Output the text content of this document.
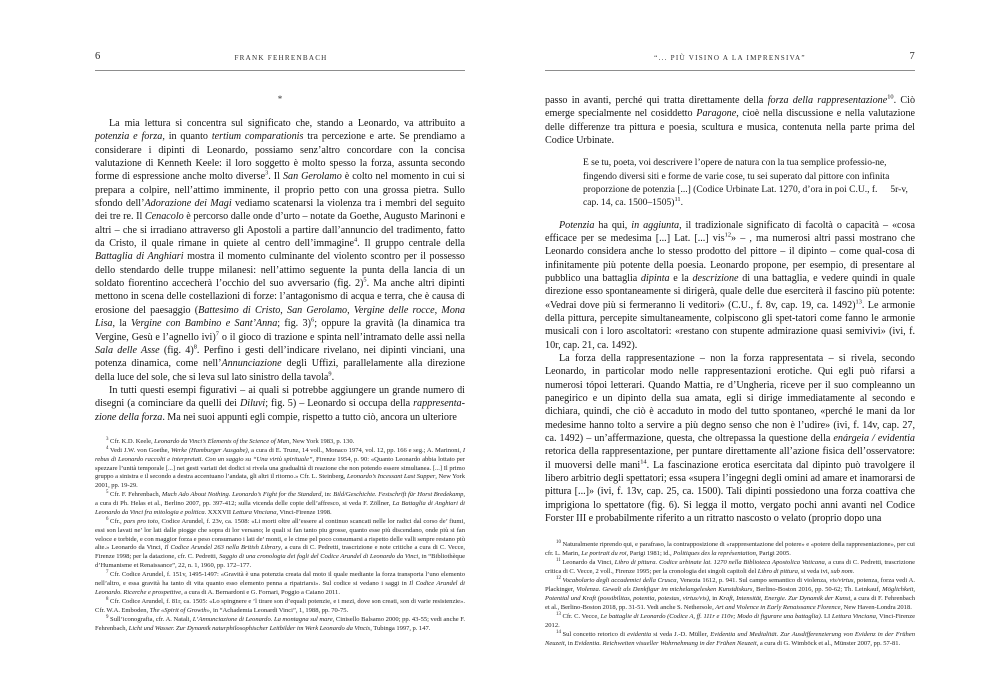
6	FRANK FEHRENBACH
*

La mia lettura si concentra sul significato che, stando a Leonardo, va attribuito a potenzia e forza, in quanto tertium comparationis tra percezione e arte. Se prendiamo a considerare i dipinti di Leonardo, possiamo senz’altro concordare con la concisa valutazione di Kenneth Keele: il loro soggetto è molto spesso la forza, assunta secondo forme di espressione anche molto diverse$^3$. Il San Gerolamo è colto nel momento in cui si prepara a colpire, nell’attimo imminente, il proprio petto con una grossa pietra. Sullo sfondo dell’Adorazione dei Magi vediamo scatenarsi la violenza tra i membri del seguito dei tre re. Il Cenacolo è percorso dalle onde d’urto – notate da Goethe, Augusto Marinoni e altri – che si irradiano attraverso gli Apostoli a partire dall’annuncio del tradimento, fatto da Cristo, il quale rimane in quiete al centro dell’immagine$^4$. Il gruppo centrale della Battaglia di Anghiari mostra il momento culminante del violento scontro per il possesso dello stendardo delle truppe milanesi: nell’attimo seguente la punta della lancia di un soldato fiorentino accecherà l’occhio del suo avversario (fig. 2)$^5$. Ma anche altri dipinti mettono in scena delle costellazioni di forze: l’antagonismo di acqua e terra, che è causa di erosione del paesaggio (Battesimo di Cristo, San Gerolamo, Vergine delle rocce, Mona Lisa, la Vergine con Bambino e Sant’Anna; fig. 3)$^6$; oppure la gravità (la dinamica tra Vergine, Gesù e l’agnello ivi)$^7$ o il gioco di trazione e spinta nell’intramato delle assi nella Sala delle Asse (fig. 4)$^8$. Perfino i gesti dell’indicare rivelano, nei dipinti vinciani, una potenza dinamica, come nell’Annunciazione degli Uffizi, parallelamente alla direzione della luce del sole, che si leva sul lato sinistro della tavola$^9$.

In tutti questi esempi figurativi – ai quali si potrebbe aggiungere un grande numero di disegni (a cominciare da quelli dei Diluvi; fig. 5) – Leonardo si occupa della rappresenta-zione della forza. Ma nei suoi appunti egli compie, rispetto a tutto ciò, ancora un ulteriore

$^3$ Cfr. K.D. Keele, Leonardo da Vinci’s Elements of the Science of Man, New York 1983, p. 130.

$^4$ Vedi J.W. von Goethe, Werke (Hamburger Ausgabe), a cura di E. Trunz, 14 voll., Monaco 1974, vol. 12, pp. 166 e seg.; A. Marinoni, I rebus di Leonardo raccolti e interpretati. Con un saggio su “Una virtù spirituale”, Firenze 1954, p. 90: «Quanto Leonardo abbia lottato per spezzare l’unità temporale [...] nei gesti variati dei dodici si rivela una gradualità di reazione che non potendo essere simultanea. [...] Il primo gruppo a sinistra e il secondo a destra accentuano l’andata, gli altri il ritorno.» Cfr. L. Steinberg, Leonardo’s Incessant Last Supper, New York 2001, pp. 19-29.

$^5$ Cfr. F. Fehrenbach, Much Ado About Nothing. Leonardo’s Fight for the Standard, in: Bild/Geschichte. Festschrift für Horst Bredekamp, a cura di Ph. Helas et al., Berlino 2007, pp. 397-412; sulla vicenda delle copie dell’affresco, si veda F. Zöllner, La Battaglia di Anghiari di Leonardo da Vinci fra mitologia e politica. XXXVII Lettura Vinciana, Vinci-Firenze 1998.

$^6$ Cfr., pars pro toto, Codice Arundel, f. 23v, ca. 1508: «Li morti oltre all’essere al continuo scancati nelle lor radici dal corso de’ fiumi, essi son lavati ne’ lor lati dalle piogge che sopra di lor versano; le quali si fan tanto piu grosse, quanto esse più discendano, onde più si fan veloce e torbide, e con maggior forza e peso consumano i lati de’ monti, e le cime pel poco consumarsi a rispetto delle valli senpre restano più alte.» Leonardo da Vinci, Il Codice Arundel 263 nella British Library, a cura di C. Pedretti, trascrizione e note critiche a cura di C. Vecce, Firenze 1998; per la datazione, cfr. C. Pedretti, Saggio di una cronologia dei fogli del Codice Arundel di Leonardo da Vinci, in “Bibliothèque d’Humanisme et Renaissance”, 22, n. 1, 1960, pp. 172–177.

$^7$ Cfr. Codice Arundel, f. 151v, 1495-1497: «Gravità è una potenzia creata dal moto il quale mediante la forza transporta l’uno elemento nell’altro, e essa gravità ha tanto di vita quanto esso elemento penna a ripatriarsi». Sul codice si vedano i saggi in Il Codice Arundel di Leonardo. Ricerche e prospettive, a cura di A. Bernardoni e G. Fornari, Poggio a Caiano 2011.

$^8$ Cfr. Codice Arundel, f. 81r, ca. 1505: «Lo spingnere e ’l tirare son d’equali potenzie, e i mezi, dove son creati, son di varie resistenzie». Cfr. W.A. Emboden, The «Spirit of Growth», in “Achademia Leonardi Vinci”, 1, 1988, pp. 70-75.

$^9$ Sull’iconografia, cfr. A. Natali, L’Annunciazione di Leonardo. La montagna sul mare, Cinisello Balsamo 2000; pp. 43-55; vedi anche F. Fehrenbach, Licht und Wasser. Zur Dynamik naturphilosophischer Leitbilder im Werk Leonardo da Vincis, Tubinga 1997, p. 147.

“... PIÙ VISINO A LA IMPRENSIVA”	7

passo in avanti, perché qui tratta direttamente della forza della rappresentazione$^{10}$. Ciò emerge specialmente nel cosiddetto Paragone, cioè nella discussione e nella valutazione delle differenze tra pittura e poesia, scultura e musica, contenuta nella parte prima del Codice Urbinate.

E se tu, poeta, voi descrivere l’opere de natura con la tua semplice professio-ne, fingendo diversi siti e forme de varie cose, tu sei superato dal pittore con infinita proporzione de potenzia [...] (Codice Urbinate Lat. 1270, d’ora in poi C.U., f. 5r-v, cap. 14, ca. 1500–1505)$^{11}$.

Potenzia ha qui, in aggiunta, il tradizionale significato di facoltà o capacità – «cosa efficace per se medesima [...] Lat. [...] vis$^{12}$» – , ma numerosi altri passi mostrano che Leonardo considera anche lo stesso prodotto del pittore – il dipinto – come qual-cosa di infinitamente più potente della poesia. Leonardo propone, per esempio, di presentare al pubblico una battaglia dipinta e la descrizione di una battaglia, e vedere quindi in quale direzione esso spontaneamente si dirigerà, quale delle due eserciterà il fascino più potente: «Vedrai dove più si fermeranno li veditori» (C.U., f. 8v, cap. 19, ca. 1492)$^{13}$. Le armonie della pittura, percepite simultaneamente, colpiscono gli spet-tatori come fanno le armonie musicali con i loro ascoltatori: «restano con stupente admirazione quasi semivivi» (ivi, f. 10r, cap. 21, ca. 1492).

La forza della rappresentazione – non la forza rappresentata – si rivela, secondo Leonardo, in particolar modo nelle rappresentazioni erotiche. Qui egli può rifarsi a numerosi tópoi letterari. Quando Mattia, re d’Ungheria, riceve per il suo compleanno un panegirico e un dipinto della sua amata, egli si dirige immediatamente al secondo e dichiara, quindi, che ciò è accaduto in modo del tutto spontaneo, «perché le mani da lor medesime hanno tolto a servire a più degno senso che non è l’udire» (ivi, f. 14v, cap. 27, ca. 1492) – un’affermazione, questa, che oltrepassa la questione della enárgeia / evidentia retorica della rappresentazione, per puntare direttamente all’azione fisica dell’osservatore: il muoversi delle mani$^{14}$. La fascinazione erotica esercitata dal dipinto può travolgere il libero arbitrio degli spettatori; essa «supera l’ingegni degli omini ad amare et inamorarsi de pittura [...]» (ivi, f. 13v, cap. 25, ca. 1500). Tali dipinti possiedono una forza coattiva che imprigiona lo spettatore (fig. 6). Si legga il motto, vergato pochi anni avanti nel Codice Forster III e probabilmente riferito a un ritratto nascosto o velato (proprio dopo una

$^{10}$ Naturalmente riprendo qui, e parafraso, la contrapposizione di «rappresentazione del potere» e «potere della rappresentazione», per cui cfr. L. Marin, Le portrait du roi, Parigi 1981; id., Politiques des la représentation, Parigi 2005.

$^{11}$ Leonardo da Vinci, Libro di pittura. Codice urbinate lat. 1270 nella Biblioteca Apostolica Vaticana, a cura di C. Pedretti, trascrizione critica di C. Vecce, 2 voll., Firenze 1995; per la cronologia dei singoli capitoli del Libro di pittura, si veda ivi, sub nom.

$^{12}$ Vocabolario degli accademici della Crusca, Venezia 1612, p. 941. Sul campo semantico di violenza, vis/virtus, potenza, forza vedi A. Plackinger, Violenza. Gewalt als Denkfigur im michelangelesken Kunstdiskurs, Berlino-Boston 2016, pp. 50-62; Th. Leinkauf, Möglichkeit, Potential und Kraft (possibilitas, potentia, potestas, virtus/vis), in Kraft, Intensität, Energie. Zur Dynamik der Kunst, a cura di F. Fehrenbach et al., Berlino-Boston 2018, pp. 31-51. Vedi anche S. Nethersole, Art and Violence in Early Renaissance Florence, New Haven-Londra 2018.

$^{13}$ Cfr. C. Vecce, Le battaglie di Leonardo (Codice A, ff. 111r e 110v; Modo di figurare una battaglia). LI Lettura Vinciana, Vinci-Firenze 2012.

$^{14}$ Sul concetto retorico di evidentia si veda J.-D. Müller, Evidentia und Medialität. Zur Ausdifferenzierung von Evidenz in der Frühen Neuzeit, in Evidentia. Reichweiten visueller Wahrnehmung in der Frühen Neuzeit, a cura di G. Wimböck et al., Münster 2007, pp. 57-81.
